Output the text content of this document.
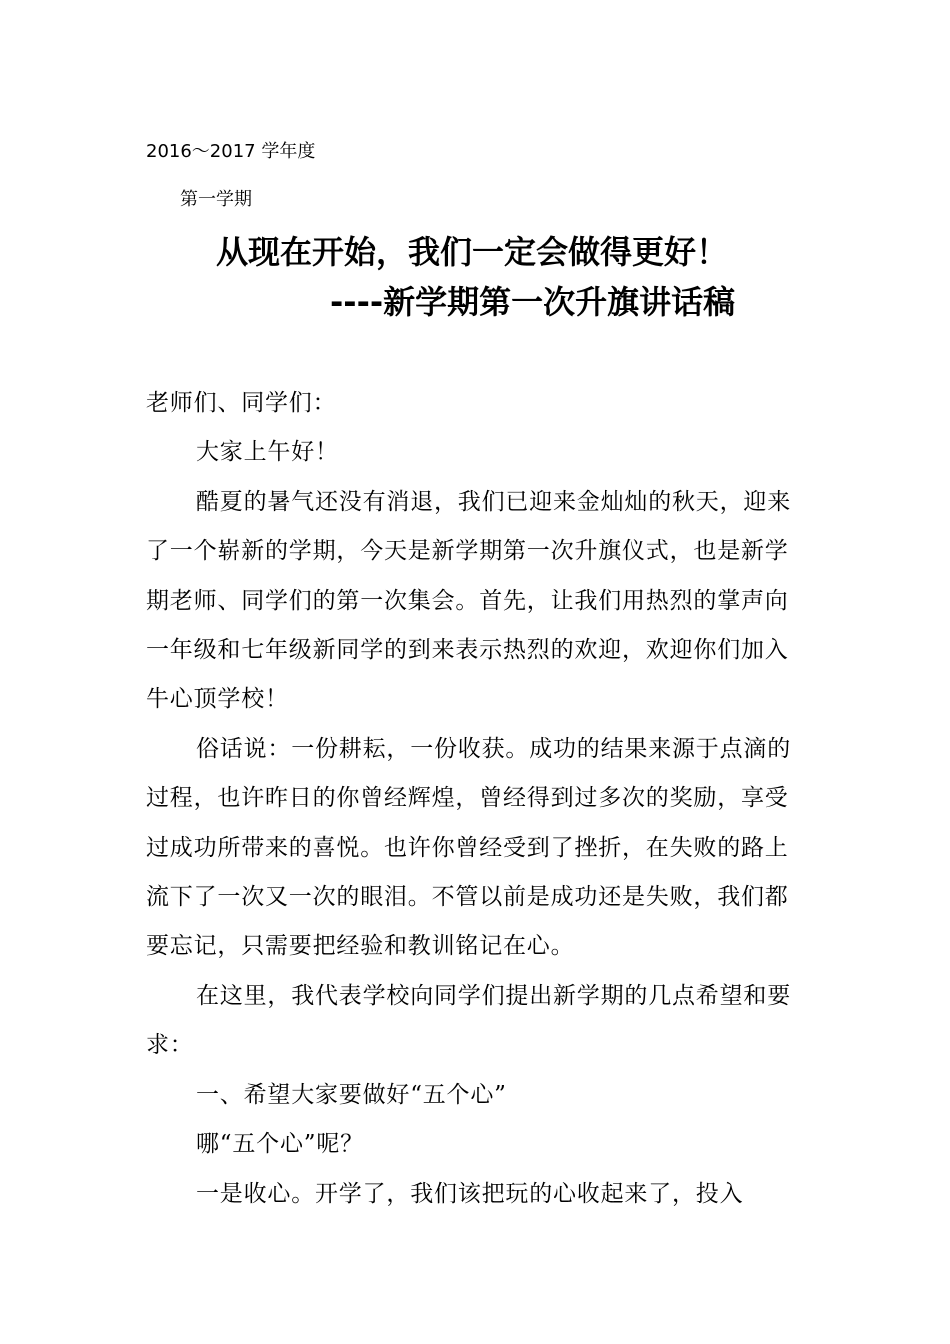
2016～2017 学年度
第一学期
从现在开始，我们一定会做得更好！
----新学期第一次升旗讲话稿

老师们、同学们：

大家上午好！

酷夏的暑气还没有消退，我们已迎来金灿灿的秋天，迎来了一个崭新的学期，今天是新学期第一次升旗仪式，也是新学期老师、同学们的第一次集会。首先，让我们用热烈的掌声向一年级和七年级新同学的到来表示热烈的欢迎，欢迎你们加入牛心顶学校！

俗话说：一份耕耘，一份收获。成功的结果来源于点滴的过程，也许昨日的你曾经辉煌，曾经得到过多次的奖励，享受过成功所带来的喜悦。也许你曾经受到了挫折，在失败的路上流下了一次又一次的眼泪。不管以前是成功还是失败，我们都要忘记，只需要把经验和教训铭记在心。

在这里，我代表学校向同学们提出新学期的几点希望和要求：

一、希望大家要做好“五个心”

哪“五个心”呢？

一是收心。开学了，我们该把玩的心收起来了，投入
